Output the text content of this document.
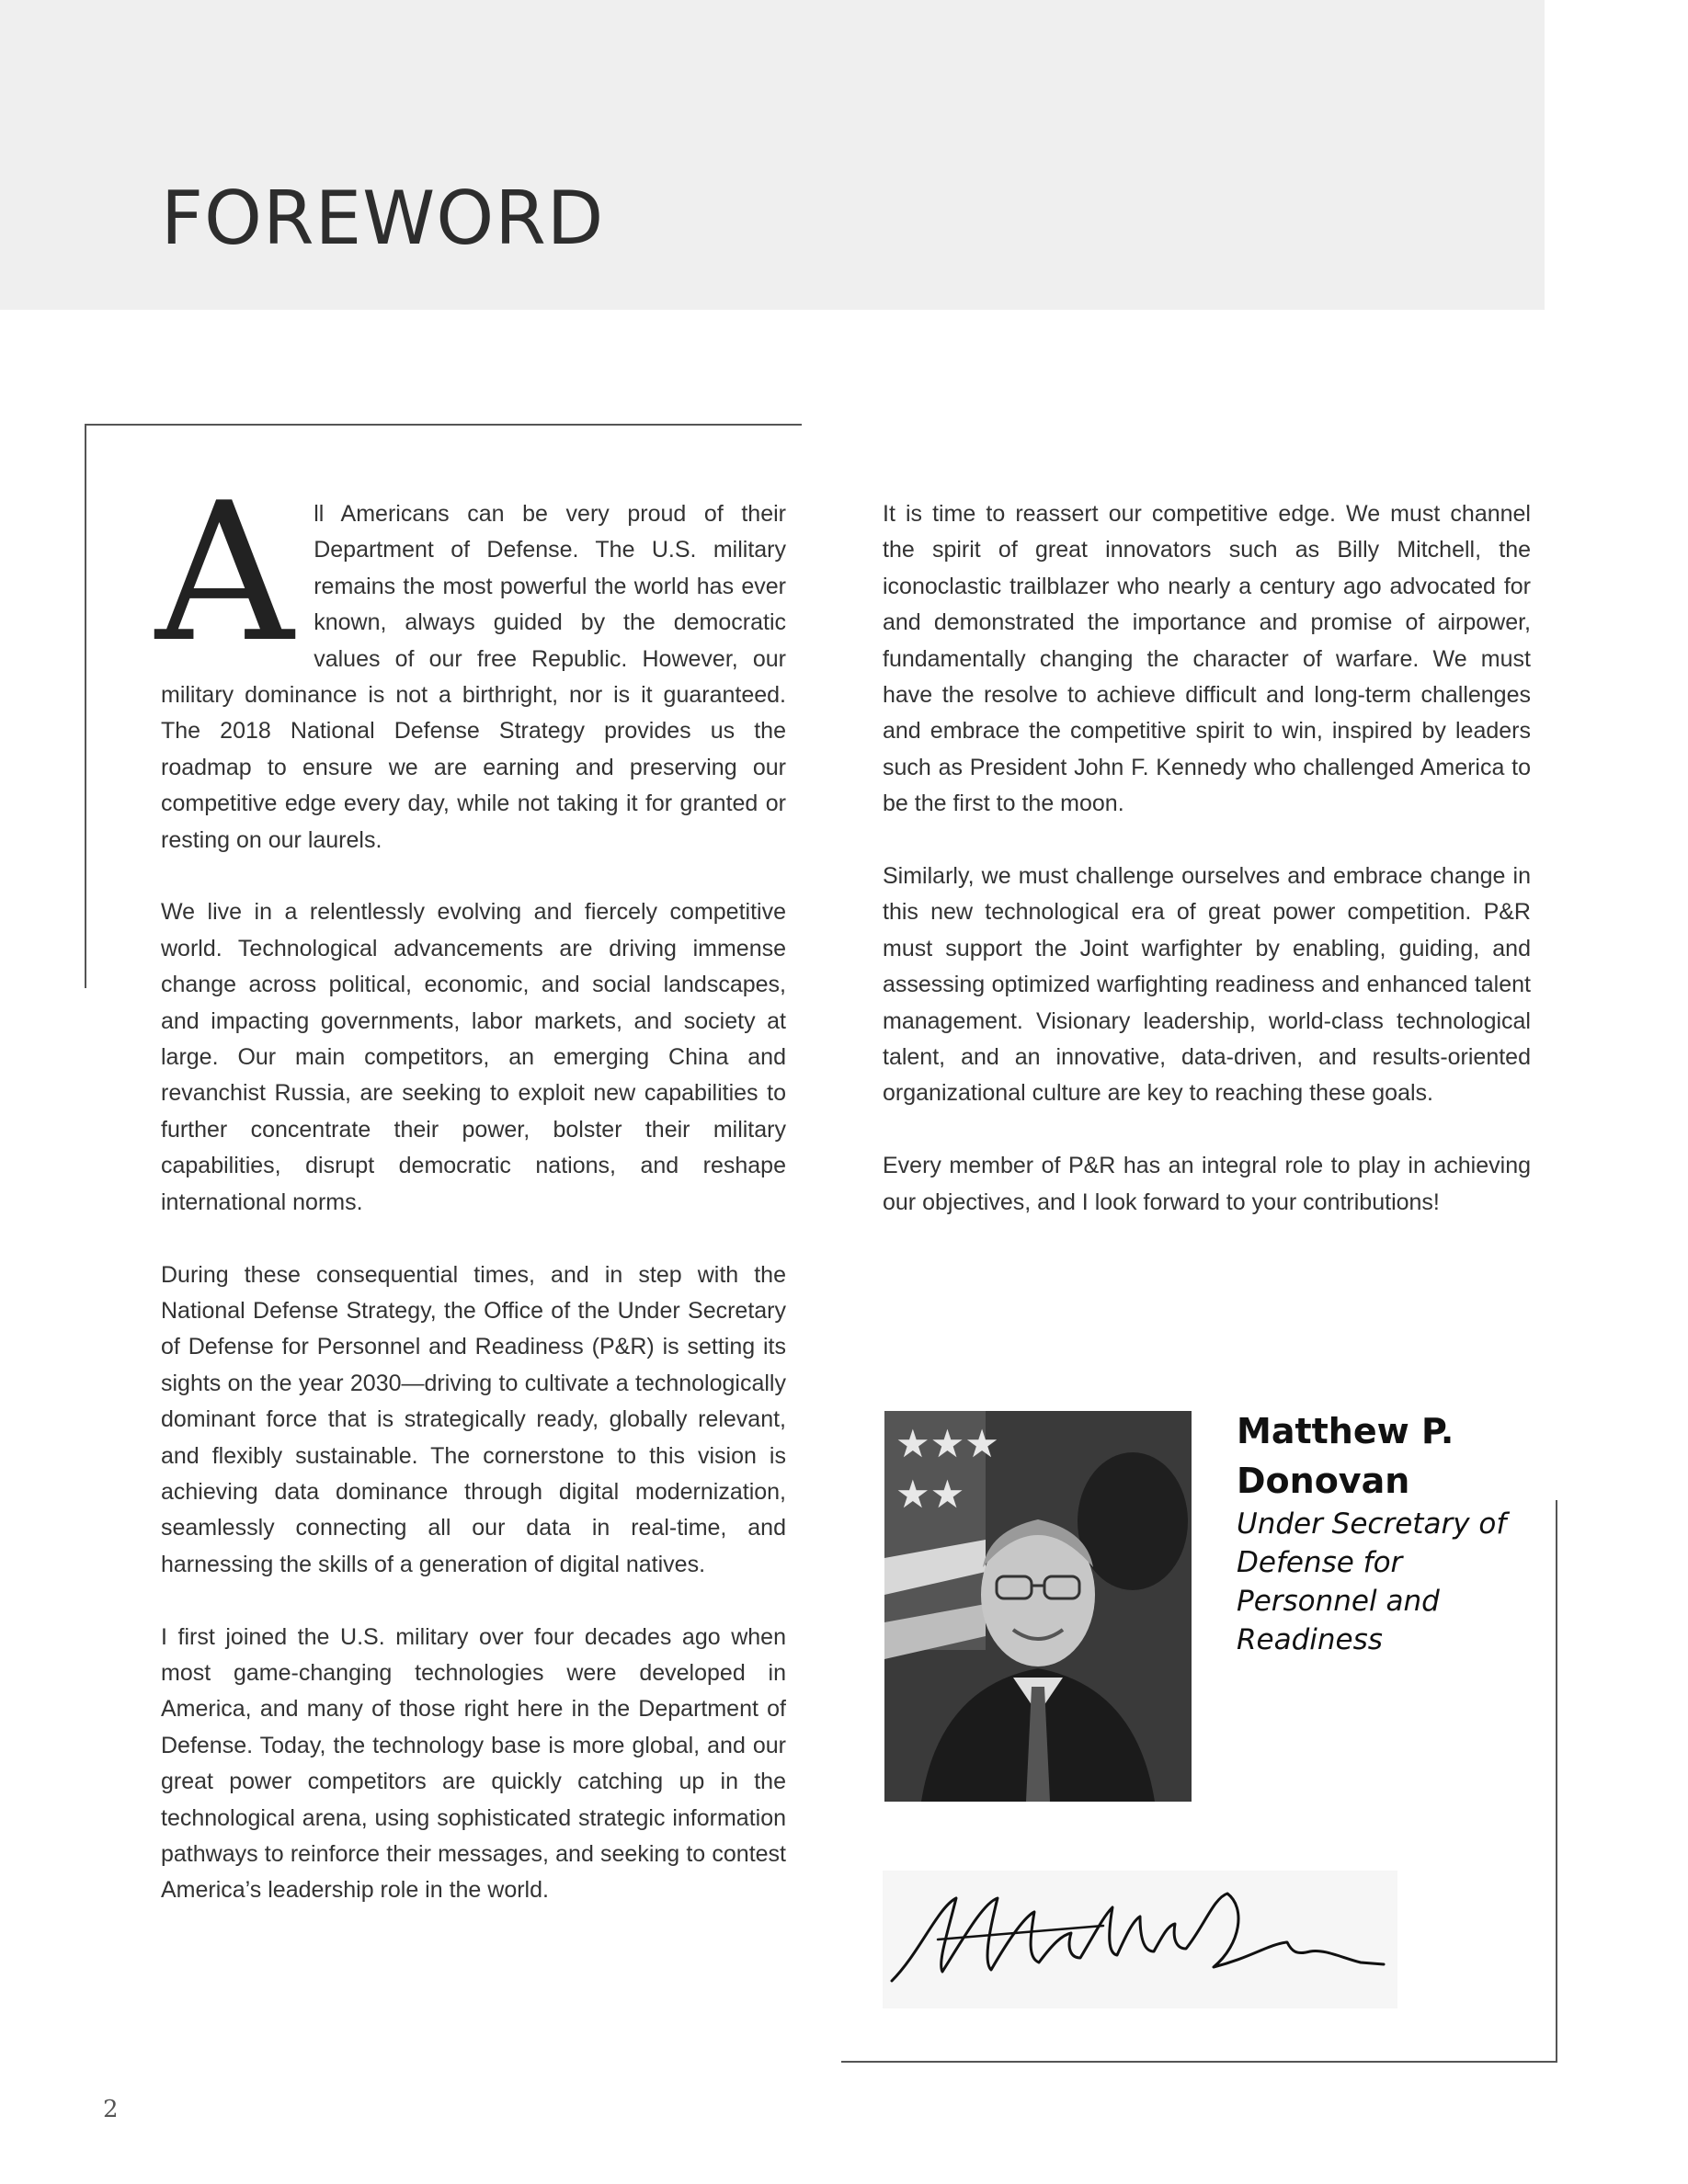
FOREWORD

All Americans can be very proud of their Department of Defense. The U.S. military remains the most powerful the world has ever known, always guided by the democratic values of our free Republic. However, our military dominance is not a birthright, nor is it guaranteed. The 2018 National Defense Strategy provides us the roadmap to ensure we are earning and preserving our competitive edge every day, while not taking it for granted or resting on our laurels.

We live in a relentlessly evolving and fiercely competitive world. Technological advancements are driving immense change across political, economic, and social landscapes, and impacting governments, labor markets, and society at large. Our main competitors, an emerging China and revanchist Russia, are seeking to exploit new capabilities to further concentrate their power, bolster their military capabilities, disrupt democratic nations, and reshape international norms.

During these consequential times, and in step with the National Defense Strategy, the Office of the Under Secretary of Defense for Personnel and Readiness (P&R) is setting its sights on the year 2030—driving to cultivate a technologically dominant force that is strategically ready, globally relevant, and flexibly sustainable. The cornerstone to this vision is achieving data dominance through digital modernization, seamlessly connecting all our data in real-time, and harnessing the skills of a generation of digital natives.

I first joined the U.S. military over four decades ago when most game-changing technologies were developed in America, and many of those right here in the Department of Defense. Today, the technology base is more global, and our great power competitors are quickly catching up in the technological arena, using sophisticated strategic information pathways to reinforce their messages, and seeking to contest America’s leadership role in the world.

It is time to reassert our competitive edge. We must channel the spirit of great innovators such as Billy Mitchell, the iconoclastic trailblazer who nearly a century ago advocated for and demonstrated the importance and promise of airpower, fundamentally changing the character of warfare. We must have the resolve to achieve difficult and long-term challenges and embrace the competitive spirit to win, inspired by leaders such as President John F. Kennedy who challenged America to be the first to the moon.

Similarly, we must challenge ourselves and embrace change in this new technological era of great power competition. P&R must support the Joint warfighter by enabling, guiding, and assessing optimized warfighting readiness and enhanced talent management. Visionary leadership, world-class technological talent, and an innovative, data-driven, and results-oriented organizational culture are key to reaching these goals.

Every member of P&R has an integral role to play in achieving our objectives, and I look forward to your contributions!

★★★
★★
Matthew P. Donovan

Under Secretary of Defense for Personnel and Readiness

2
